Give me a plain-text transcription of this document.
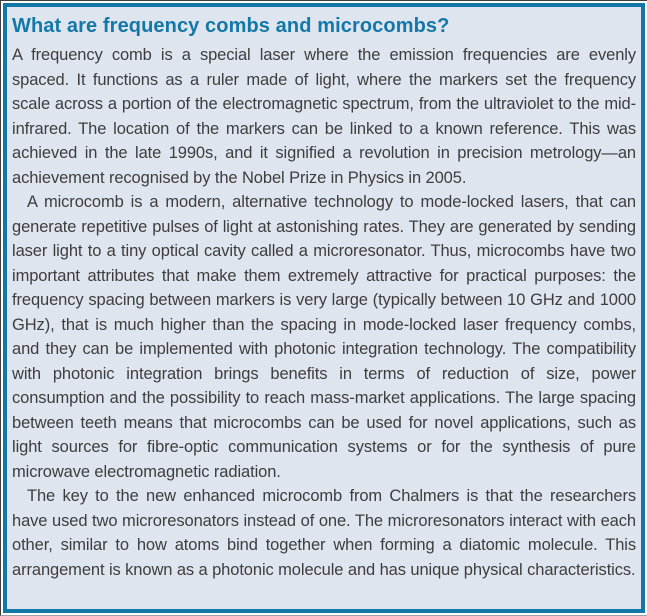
What are frequency combs and microcombs?

A frequency comb is a special laser where the emission frequencies are evenly spaced. It functions as a ruler made of light, where the markers set the frequency scale across a portion of the electromagnetic spectrum, from the ultraviolet to the mid-infrared. The location of the markers can be linked to a known reference. This was achieved in the late 1990s, and it signified a revolution in precision metrology—an achievement recognised by the Nobel Prize in Physics in 2005.

A microcomb is a modern, alternative technology to mode-locked lasers, that can generate repetitive pulses of light at astonishing rates. They are generated by sending laser light to a tiny optical cavity called a microresonator. Thus, microcombs have two important attributes that make them extremely attractive for practical purposes: the frequency spacing between markers is very large (typically between 10 GHz and 1000 GHz), that is much higher than the spacing in mode-locked laser frequency combs, and they can be implemented with photonic integration technology. The compatibility with photonic integration brings benefits in terms of reduction of size, power consumption and the possibility to reach mass-market applications. The large spacing between teeth means that microcombs can be used for novel applications, such as light sources for fibre-optic communication systems or for the synthesis of pure microwave electromagnetic radiation.

The key to the new enhanced microcomb from Chalmers is that the researchers have used two microresonators instead of one. The microresonators interact with each other, similar to how atoms bind together when forming a diatomic molecule. This arrangement is known as a photonic molecule and has unique physical characteristics.
